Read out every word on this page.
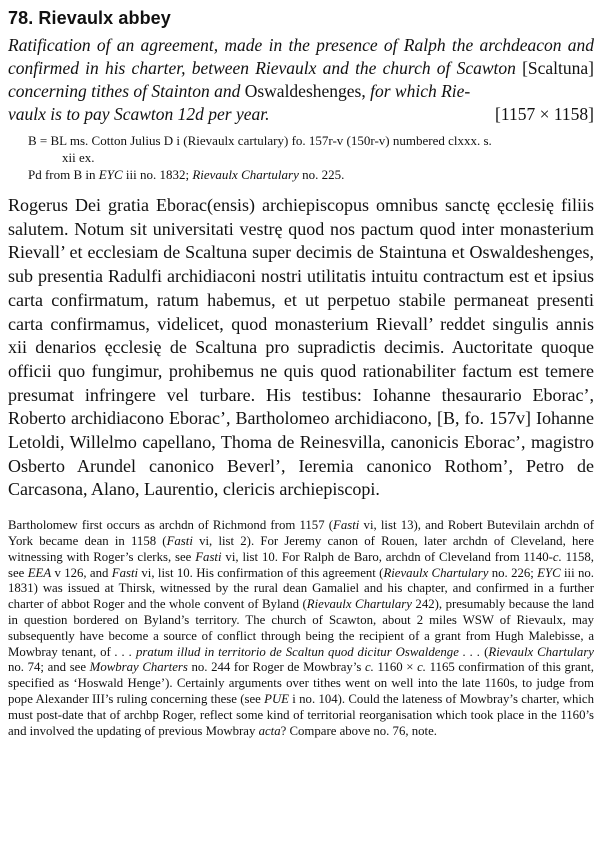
78. Rievaulx abbey

Ratification of an agreement, made in the presence of Ralph the archdeacon and confirmed in his charter, between Rievaulx and the church of Scawton [Scaltuna] concerning tithes of Stainton and Oswaldeshenges, for which Rie-

vaulx is to pay Scawton 12d per year.	[1157 × 1158]
B = BL ms. Cotton Julius D i (Rievaulx cartulary) fo. 157r-v (150r-v) numbered clxxx. s.
xii ex.
Pd from B in EYC iii no. 1832; Rievaulx Chartulary no. 225.

Rogerus Dei gratia Eborac(ensis) archiepiscopus omnibus sanctę ęcclesię filiis salutem. Notum sit universitati vestrę quod nos pactum quod inter monasterium Rievall’ et ecclesiam de Scaltuna super decimis de Staintuna et Oswaldeshenges, sub presentia Radulfi archidiaconi nostri utilitatis intuitu contractum est et ipsius carta confirmatum, ratum habemus, et ut perpetuo stabile permaneat presenti carta confirmamus, videlicet, quod monasterium Rievall’ reddet singulis annis xii denarios ęcclesię de Scaltuna pro supradictis decimis. Auctoritate quoque officii quo fungimur, prohibemus ne quis quod rationabiliter factum est temere presumat infringere vel turbare. His testibus: Iohanne thesaurario Eborac’, Roberto archidiacono Eborac’, Bartholomeo archidiacono, [B, fo. 157v] Iohanne Letoldi, Willelmo capellano, Thoma de Reinesvilla, canonicis Eborac’, magistro Osberto Arundel canonico Beverl’, Ieremia canonico Rothom’, Petro de Carcasona, Alano, Laurentio, clericis archiepiscopi.

Bartholomew first occurs as archdn of Richmond from 1157 (Fasti vi, list 13), and Robert Butevilain archdn of York became dean in 1158 (Fasti vi, list 2). For Jeremy canon of Rouen, later archdn of Cleveland, here witnessing with Roger’s clerks, see Fasti vi, list 10. For Ralph de Baro, archdn of Cleveland from 1140-c. 1158, see EEA v 126, and Fasti vi, list 10. His confirmation of this agreement (Rievaulx Chartulary no. 226; EYC iii no. 1831) was issued at Thirsk, witnessed by the rural dean Gamaliel and his chapter, and confirmed in a further charter of abbot Roger and the whole convent of Byland (Rievaulx Chartulary 242), presumably because the land in question bordered on Byland’s territory. The church of Scawton, about 2 miles WSW of Rievaulx, may subsequently have become a source of conflict through being the recipient of a grant from Hugh Malebisse, a Mowbray tenant, of . . . pratum illud in territorio de Scaltun quod dicitur Oswaldenge . . . (Rievaulx Chartulary no. 74; and see Mowbray Charters no. 244 for Roger de Mowbray’s c. 1160 × c. 1165 confirmation of this grant, specified as ‘Hoswald Henge’). Certainly arguments over tithes went on well into the late 1160s, to judge from pope Alexander III’s ruling concerning these (see PUE i no. 104). Could the lateness of Mowbray’s charter, which must post-date that of archbp Roger, reflect some kind of territorial reorganisation which took place in the 1160’s and involved the updating of previous Mowbray acta? Compare above no. 76, note.
